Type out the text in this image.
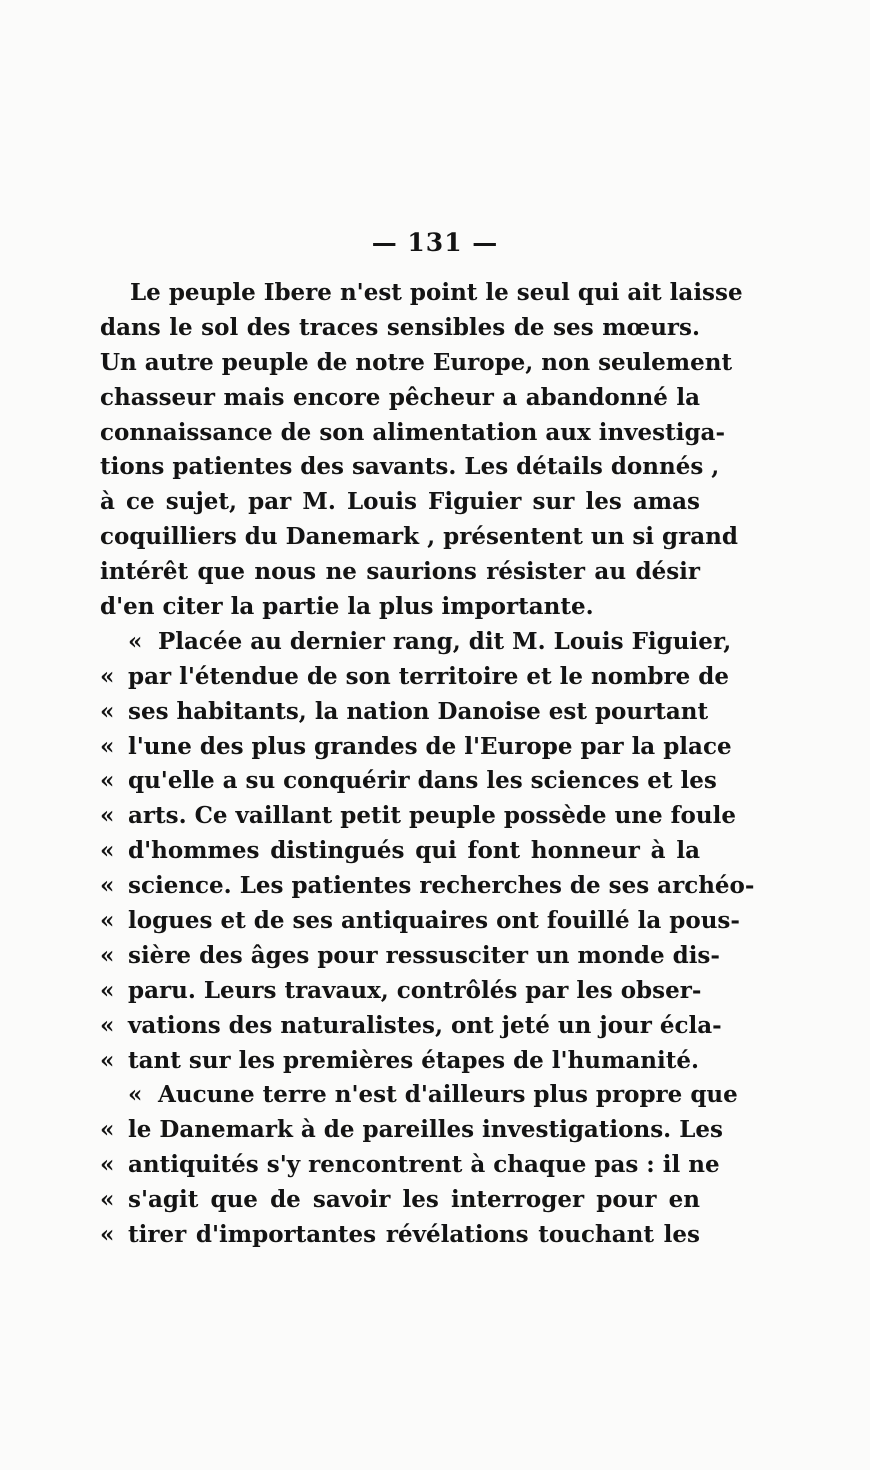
— 131 —
Le peuple Ibere n'est point le seul qui ait laisse
dans le sol des traces sensibles de ses mœurs.
Un autre peuple de notre Europe, non seulement
chasseur mais encore pêcheur a abandonné la
connaissance de son alimentation aux investiga-
tions patientes des savants. Les détails donnés ,
à ce sujet, par M. Louis Figuier sur les amas
coquilliers du Danemark , présentent un si grand
intérêt que nous ne saurions résister au désir
d'en citer la partie la plus importante.
« Placée au dernier rang, dit M. Louis Figuier,
« par l'étendue de son territoire et le nombre de
« ses habitants, la nation Danoise est pourtant
« l'une des plus grandes de l'Europe par la place
« qu'elle a su conquérir dans les sciences et les
« arts. Ce vaillant petit peuple possède une foule
« d'hommes distingués qui font honneur à la
« science. Les patientes recherches de ses archéo-
« logues et de ses antiquaires ont fouillé la pous-
« sière des âges pour ressusciter un monde dis-
« paru. Leurs travaux, contrôlés par les obser-
« vations des naturalistes, ont jeté un jour écla-
« tant sur les premières étapes de l'humanité.
« Aucune terre n'est d'ailleurs plus propre que
« le Danemark à de pareilles investigations. Les
« antiquités s'y rencontrent à chaque pas : il ne
« s'agit que de savoir les interroger pour en
« tirer d'importantes révélations touchant les
